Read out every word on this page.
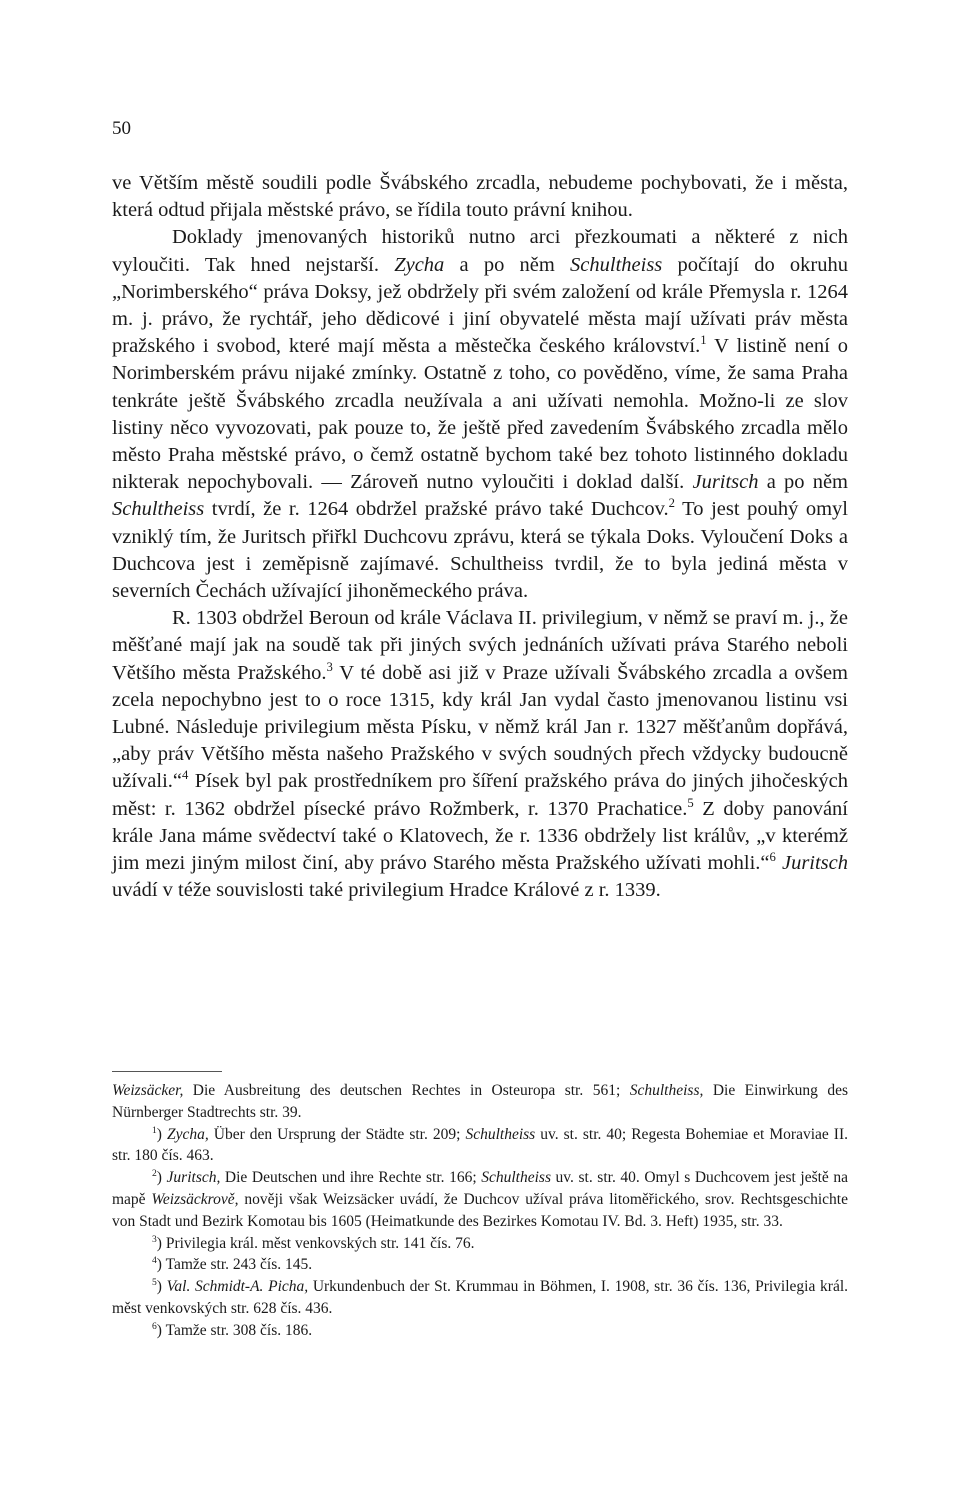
50

ve Větším městě soudili podle Švábského zrcadla, nebudeme pochybovati, že i města, která odtud přijala městské právo, se řídila touto právní knihou.

Doklady jmenovaných historiků nutno arci přezkoumati a některé z nich vyloučiti. Tak hned nejstarší. Zycha a po něm Schultheiss počítají do okruhu „Norimberského“ práva Doksy, jež obdržely při svém založení od krále Přemysla r. 1264 m. j. právo, že rychtář, jeho dědicové i jiní obyvatelé města mají užívati práv města pražského i svobod, které mají města a městečka českého království.$^1$ V listině není o Norimberském právu nijaké zmínky. Ostatně z toho, co pověděno, víme, že sama Praha tenkráte ještě Švábského zrcadla neužívala a ani užívati nemohla. Možno-li ze slov listiny něco vyvozovati, pak pouze to, že ještě před zavedením Švábského zrcadla mělo město Praha městské právo, o čemž ostatně bychom také bez tohoto listinného dokladu nikterak nepochybovali. — Zároveň nutno vyloučiti i doklad další. Juritsch a po něm Schultheiss tvrdí, že r. 1264 obdržel pražské právo také Duchcov.$^2$ To jest pouhý omyl vzniklý tím, že Juritsch přiřkl Duchcovu zprávu, která se týkala Doks. Vyloučení Doks a Duchcova jest i zeměpisně zajímavé. Schultheiss tvrdil, že to byla jediná města v severních Čechách užívající jihoněmeckého práva.

R. 1303 obdržel Beroun od krále Václava II. privilegium, v němž se praví m. j., že měšťané mají jak na soudě tak při jiných svých jednáních užívati práva Starého neboli Většího města Pražského.$^3$ V té době asi již v Praze užívali Švábského zrcadla a ovšem zcela nepochybno jest to o roce 1315, kdy král Jan vydal často jmenovanou listinu vsi Lubné. Následuje privilegium města Písku, v němž král Jan r. 1327 měšťanům dopřává, „aby práv Většího města našeho Pražského v svých soudných přech vždycky budoucně užívali.“$^4$ Písek byl pak prostředníkem pro šíření pražského práva do jiných jihočeských měst: r. 1362 obdržel písecké právo Rožmberk, r. 1370 Prachatice.$^5$ Z doby panování krále Jana máme svědectví také o Klatovech, že r. 1336 obdržely list králův, „v kterémž jim mezi jiným milost činí, aby právo Starého města Pražského užívati mohli.“$^6$ Juritsch uvádí v téže souvislosti také privilegium Hradce Králové z r. 1339.

Weizsäcker, Die Ausbreitung des deutschen Rechtes in Osteuropa str. 561; Schultheiss, Die Einwirkung des Nürnberger Stadtrechts str. 39.

$^1$) Zycha, Über den Ursprung der Städte str. 209; Schultheiss uv. st. str. 40; Regesta Bohemiae et Moraviae II. str. 180 čís. 463.

$^2$) Juritsch, Die Deutschen und ihre Rechte str. 166; Schultheiss uv. st. str. 40. Omyl s Duchcovem jest ještě na mapě Weizsäckrově, nověji však Weizsäcker uvádí, že Duchcov užíval práva litoměřického, srov. Rechtsgeschichte von Stadt und Bezirk Komotau bis 1605 (Heimatkunde des Bezirkes Komotau IV. Bd. 3. Heft) 1935, str. 33.

$^3$) Privilegia král. měst venkovských str. 141 čís. 76.

$^4$) Tamže str. 243 čís. 145.

$^5$) Val. Schmidt-A. Picha, Urkundenbuch der St. Krummau in Böhmen, I. 1908, str. 36 čís. 136, Privilegia král. měst venkovských str. 628 čís. 436.

$^6$) Tamže str. 308 čís. 186.
